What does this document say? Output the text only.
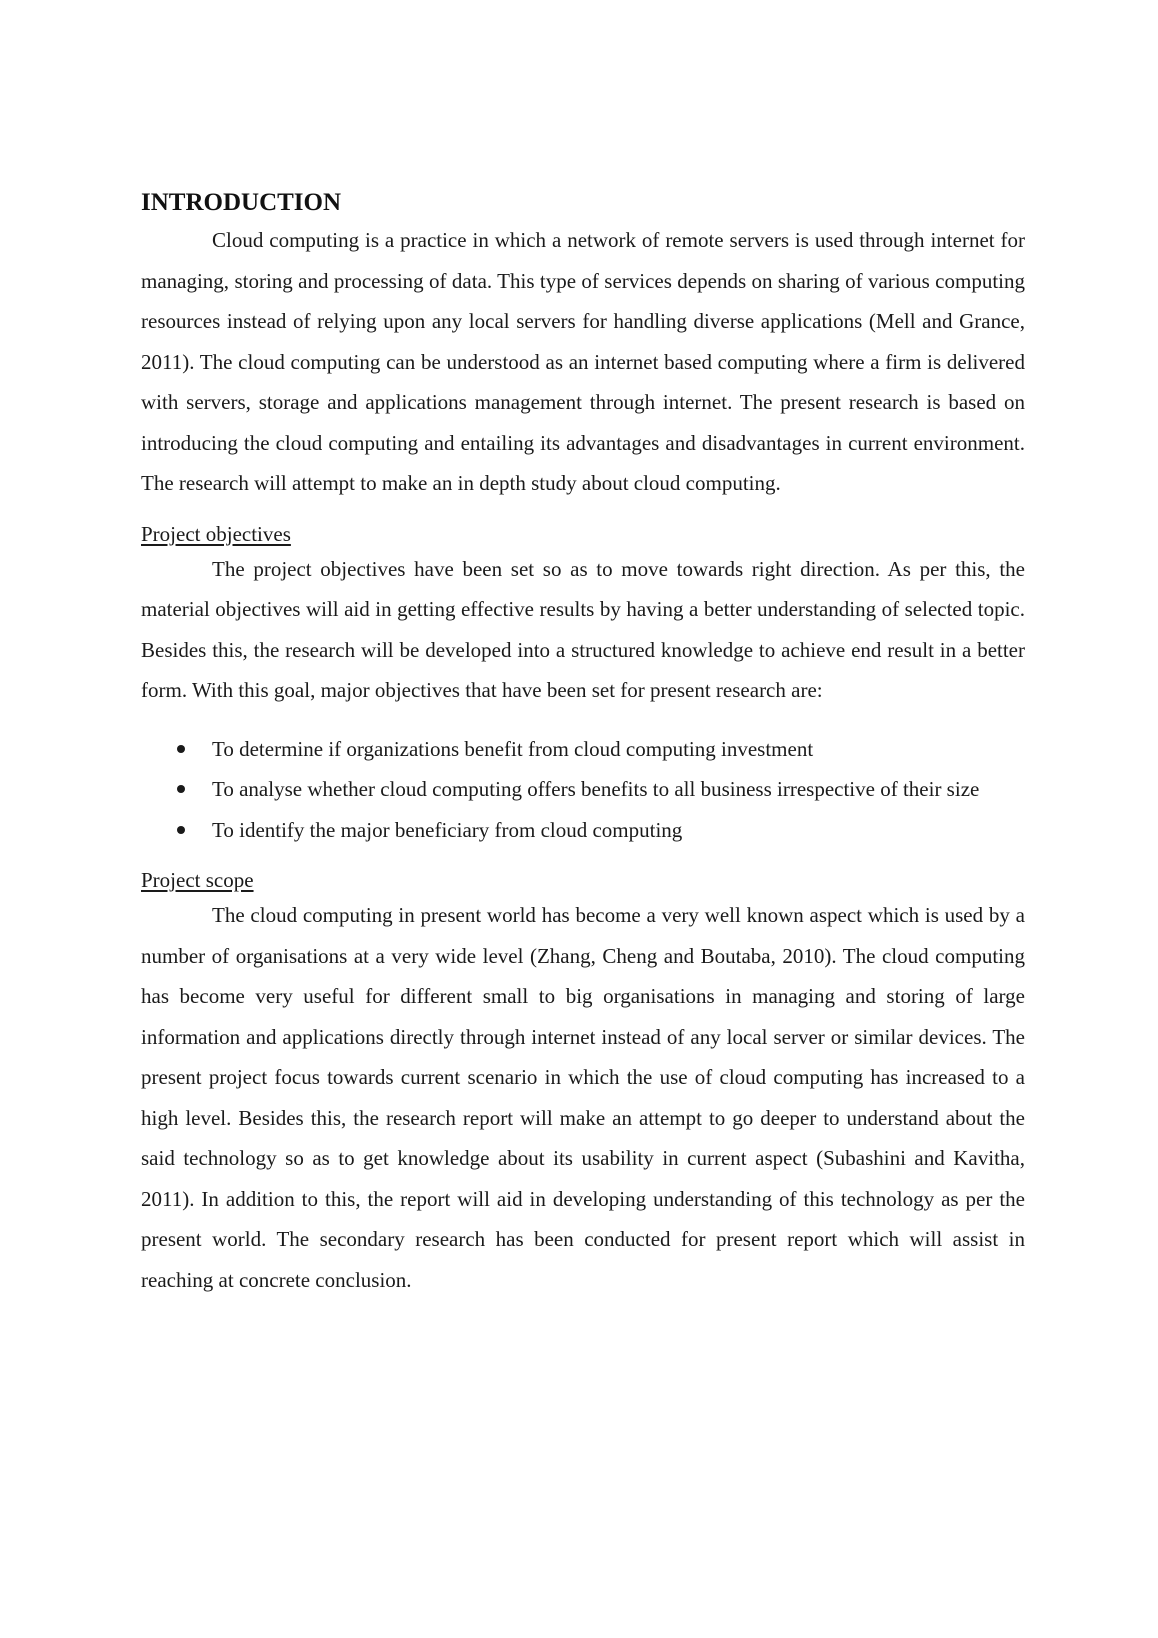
INTRODUCTION

Cloud computing is a practice in which a network of remote servers is used through internet for managing, storing and processing of data. This type of services depends on sharing of various computing resources instead of relying upon any local servers for handling diverse applications (Mell and Grance, 2011). The cloud computing can be understood as an internet based computing where a firm is delivered with servers, storage and applications management through internet. The present research is based on introducing the cloud computing and entailing its advantages and disadvantages in current environment. The research will attempt to make an in depth study about cloud computing.

Project objectives

The project objectives have been set so as to move towards right direction. As per this, the material objectives will aid in getting effective results by having a better understanding of selected topic. Besides this, the research will be developed into a structured knowledge to achieve end result in a better form. With this goal, major objectives that have been set for present research are:

To determine if organizations benefit from cloud computing investment
To analyse whether cloud computing offers benefits to all business irrespective of their size
To identify the major beneficiary from cloud computing

Project scope

The cloud computing in present world has become a very well known aspect which is used by a number of organisations at a very wide level (Zhang, Cheng and Boutaba, 2010). The cloud computing has become very useful for different small to big organisations in managing and storing of large information and applications directly through internet instead of any local server or similar devices. The present project focus towards current scenario in which the use of cloud computing has increased to a high level. Besides this, the research report will make an attempt to go deeper to understand about the said technology so as to get knowledge about its usability in current aspect (Subashini and Kavitha, 2011). In addition to this, the report will aid in developing understanding of this technology as per the present world. The secondary research has been conducted for present report which will assist in reaching at concrete conclusion.
